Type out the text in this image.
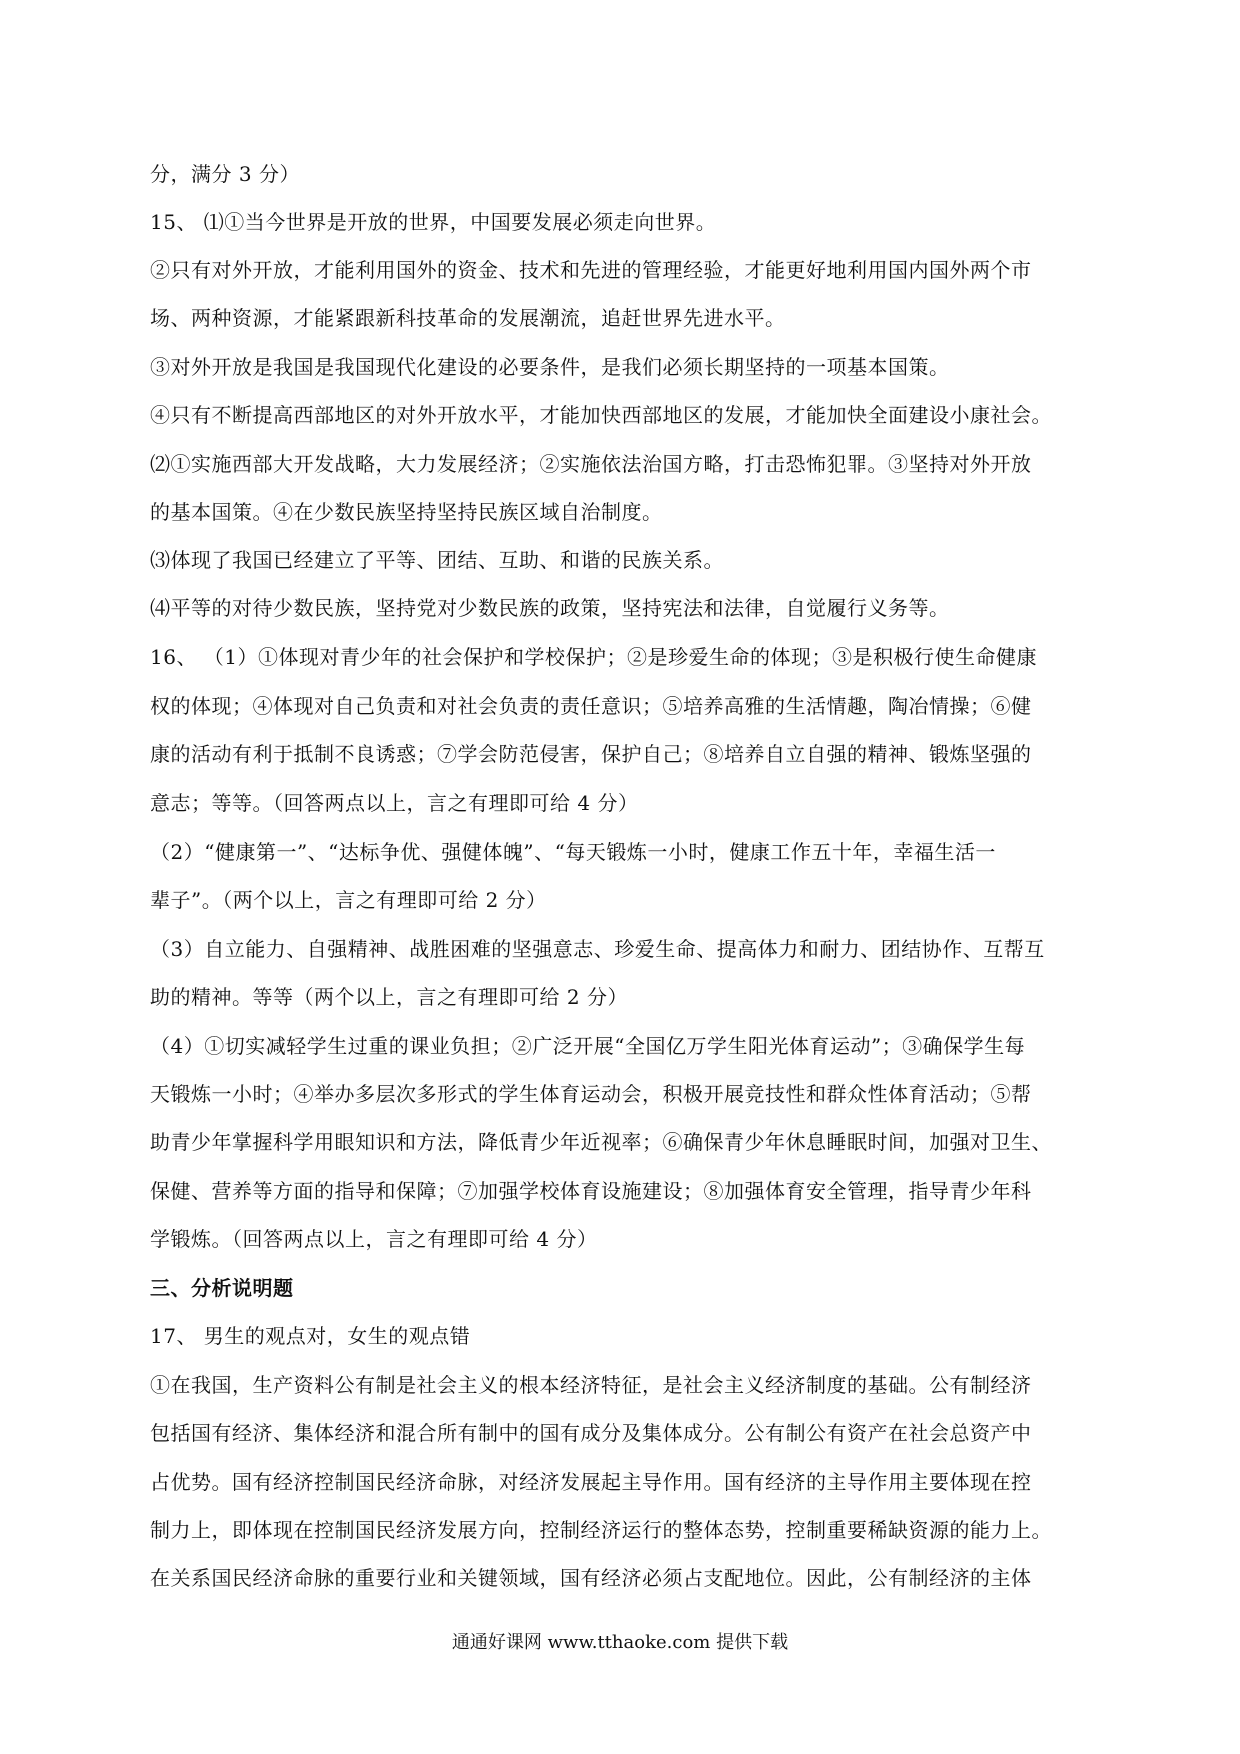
分，满分 3 分）
15、 ⑴①当今世界是开放的世界，中国要发展必须走向世界。
②只有对外开放，才能利用国外的资金、技术和先进的管理经验，才能更好地利用国内国外两个市
场、两种资源，才能紧跟新科技革命的发展潮流，追赶世界先进水平。
③对外开放是我国是我国现代化建设的必要条件，是我们必须长期坚持的一项基本国策。
④只有不断提高西部地区的对外开放水平，才能加快西部地区的发展，才能加快全面建设小康社会。
⑵①实施西部大开发战略，大力发展经济；②实施依法治国方略，打击恐怖犯罪。③坚持对外开放
的基本国策。④在少数民族坚持坚持民族区域自治制度。
⑶体现了我国已经建立了平等、团结、互助、和谐的民族关系。
⑷平等的对待少数民族，坚持党对少数民族的政策，坚持宪法和法律，自觉履行义务等。
16、 （1）①体现对青少年的社会保护和学校保护；②是珍爱生命的体现；③是积极行使生命健康
权的体现；④体现对自己负责和对社会负责的责任意识；⑤培养高雅的生活情趣，陶冶情操；⑥健
康的活动有利于抵制不良诱惑；⑦学会防范侵害，保护自己；⑧培养自立自强的精神、锻炼坚强的
意志；等等。（回答两点以上，言之有理即可给 4 分）
（2）“健康第一”、“达标争优、强健体魄”、“每天锻炼一小时，健康工作五十年，幸福生活一
辈子”。（两个以上，言之有理即可给 2 分）
（3）自立能力、自强精神、战胜困难的坚强意志、珍爱生命、提高体力和耐力、团结协作、互帮互
助的精神。等等（两个以上，言之有理即可给 2 分）
（4）①切实减轻学生过重的课业负担；②广泛开展“全国亿万学生阳光体育运动”；③确保学生每
天锻炼一小时；④举办多层次多形式的学生体育运动会，积极开展竞技性和群众性体育活动；⑤帮
助青少年掌握科学用眼知识和方法，降低青少年近视率；⑥确保青少年休息睡眠时间，加强对卫生、
保健、营养等方面的指导和保障；⑦加强学校体育设施建设；⑧加强体育安全管理，指导青少年科
学锻炼。（回答两点以上，言之有理即可给 4 分）
三、分析说明题
17、 男生的观点对，女生的观点错
①在我国，生产资料公有制是社会主义的根本经济特征，是社会主义经济制度的基础。公有制经济
包括国有经济、集体经济和混合所有制中的国有成分及集体成分。公有制公有资产在社会总资产中
占优势。国有经济控制国民经济命脉，对经济发展起主导作用。国有经济的主导作用主要体现在控
制力上，即体现在控制国民经济发展方向，控制经济运行的整体态势，控制重要稀缺资源的能力上。
在关系国民经济命脉的重要行业和关键领域，国有经济必须占支配地位。因此，公有制经济的主体
通通好课网 www.tthaoke.com 提供下载
